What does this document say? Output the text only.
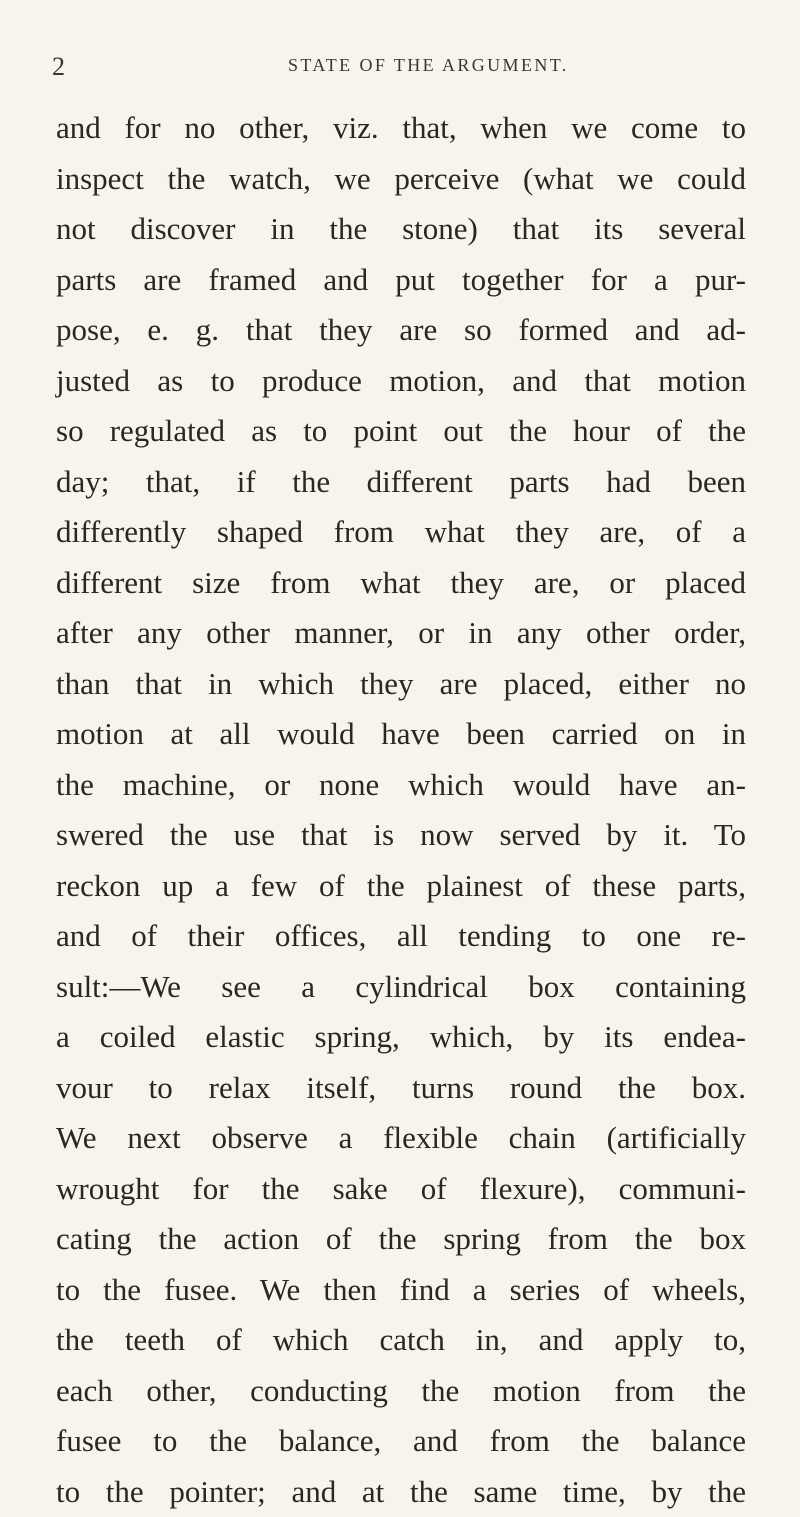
2	STATE OF THE ARGUMENT.
and for no other, viz. that, when we come to
inspect the watch, we perceive (what we could
not discover in the stone) that its several
parts are framed and put together for a pur-
pose, e. g. that they are so formed and ad-
justed as to produce motion, and that motion
so regulated as to point out the hour of the
day; that, if the different parts had been
differently shaped from what they are, of a
different size from what they are, or placed
after any other manner, or in any other order,
than that in which they are placed, either no
motion at all would have been carried on in
the machine, or none which would have an-
swered the use that is now served by it. To
reckon up a few of the plainest of these parts,
and of their offices, all tending to one re-
sult:—We see a cylindrical box containing
a coiled elastic spring, which, by its endea-
vour to relax itself, turns round the box.
We next observe a flexible chain (artificially
wrought for the sake of flexure), communi-
cating the action of the spring from the box
to the fusee. We then find a series of wheels,
the teeth of which catch in, and apply to,
each other, conducting the motion from the
fusee to the balance, and from the balance
to the pointer; and at the same time, by the
